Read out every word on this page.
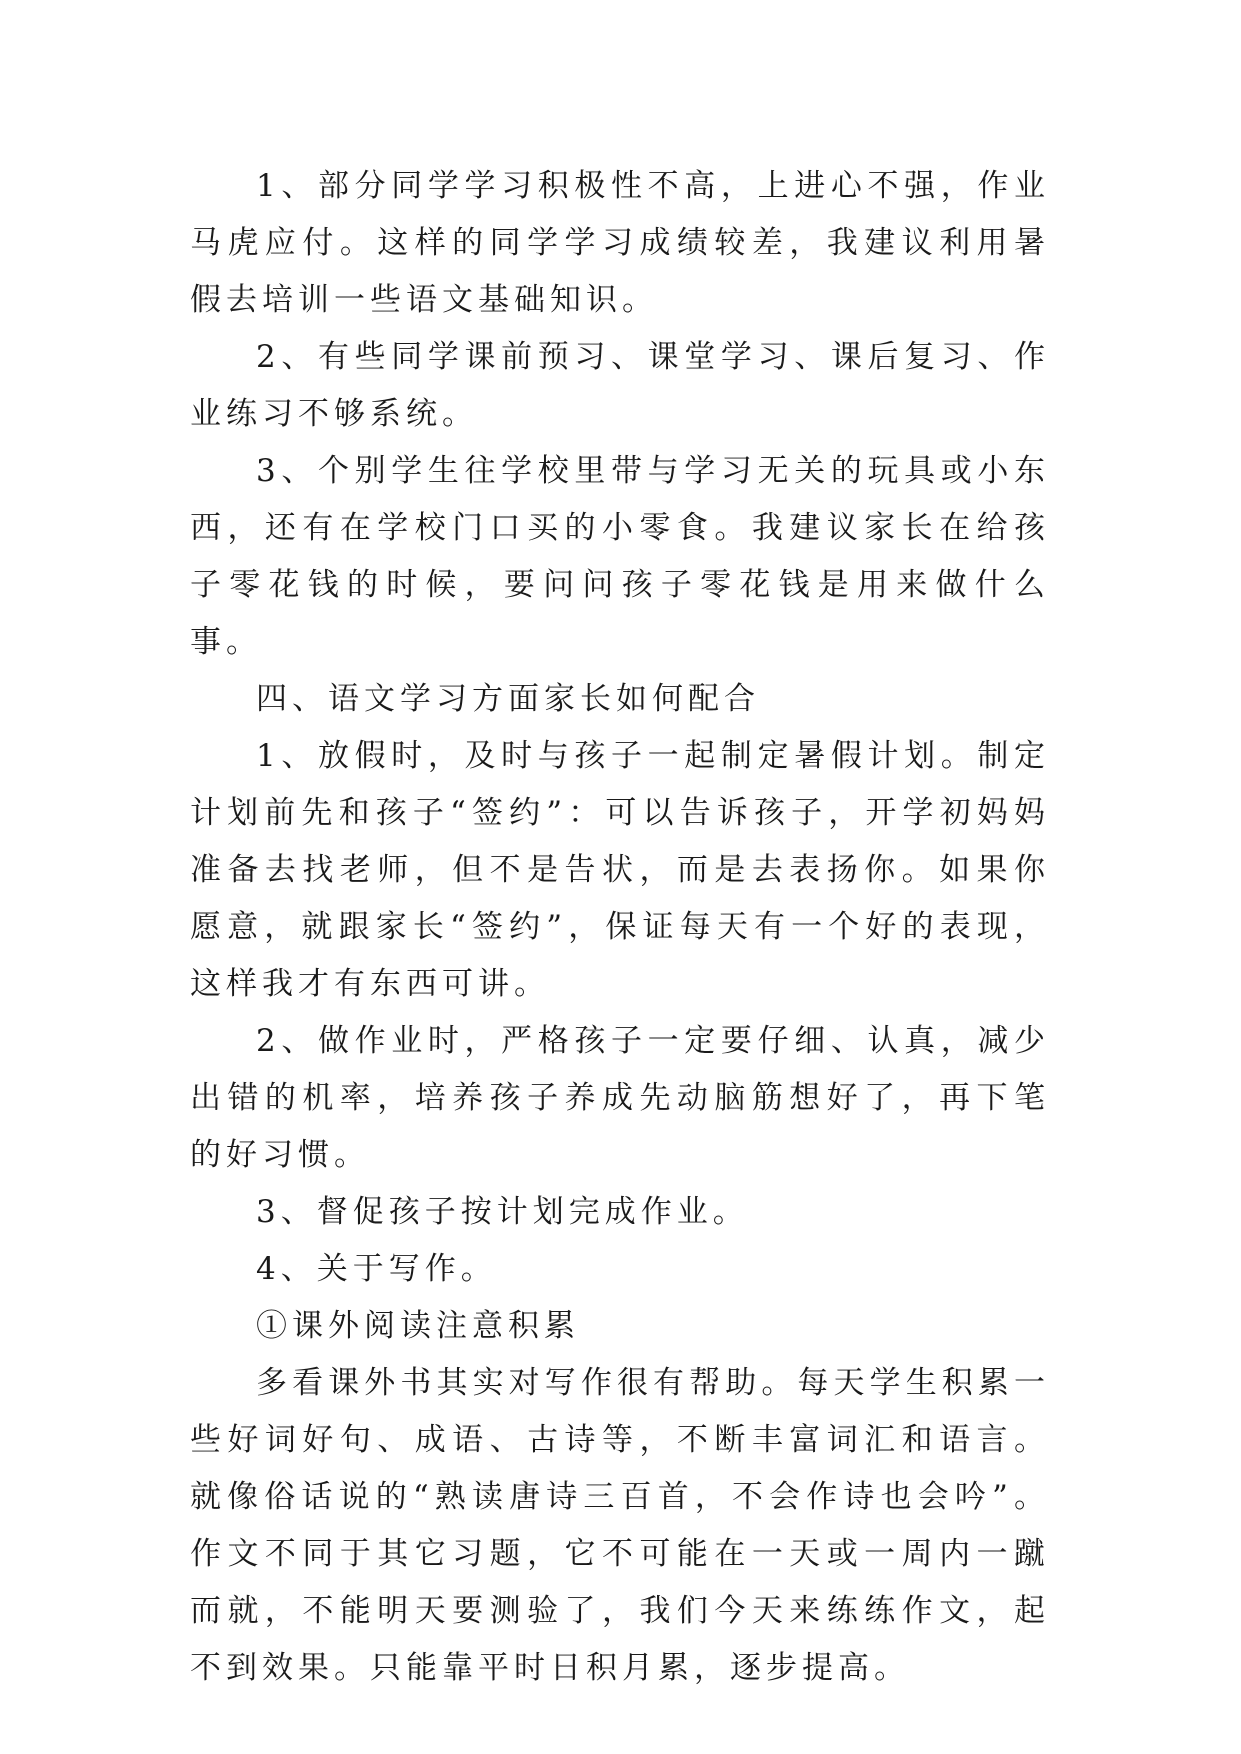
1、部分同学学习积极性不高，上进心不强，作业马虎应付。这样的同学学习成绩较差，我建议利用暑假去培训一些语文基础知识。

2、有些同学课前预习、课堂学习、课后复习、作业练习不够系统。

3、个别学生往学校里带与学习无关的玩具或小东西，还有在学校门口买的小零食。我建议家长在给孩子零花钱的时候，要问问孩子零花钱是用来做什么事。

四、语文学习方面家长如何配合

1、放假时，及时与孩子一起制定暑假计划。制定计划前先和孩子“签约”：可以告诉孩子，开学初妈妈准备去找老师，但不是告状，而是去表扬你。如果你愿意，就跟家长“签约”，保证每天有一个好的表现，这样我才有东西可讲。

2、做作业时，严格孩子一定要仔细、认真，减少出错的机率，培养孩子养成先动脑筋想好了，再下笔的好习惯。

3、督促孩子按计划完成作业。

4、关于写作。

①课外阅读注意积累

多看课外书其实对写作很有帮助。每天学生积累一些好词好句、成语、古诗等，不断丰富词汇和语言。就像俗话说的“熟读唐诗三百首，不会作诗也会吟”。作文不同于其它习题，它不可能在一天或一周内一蹴而就，不能明天要测验了，我们今天来练练作文，起不到效果。只能靠平时日积月累，逐步提高。
